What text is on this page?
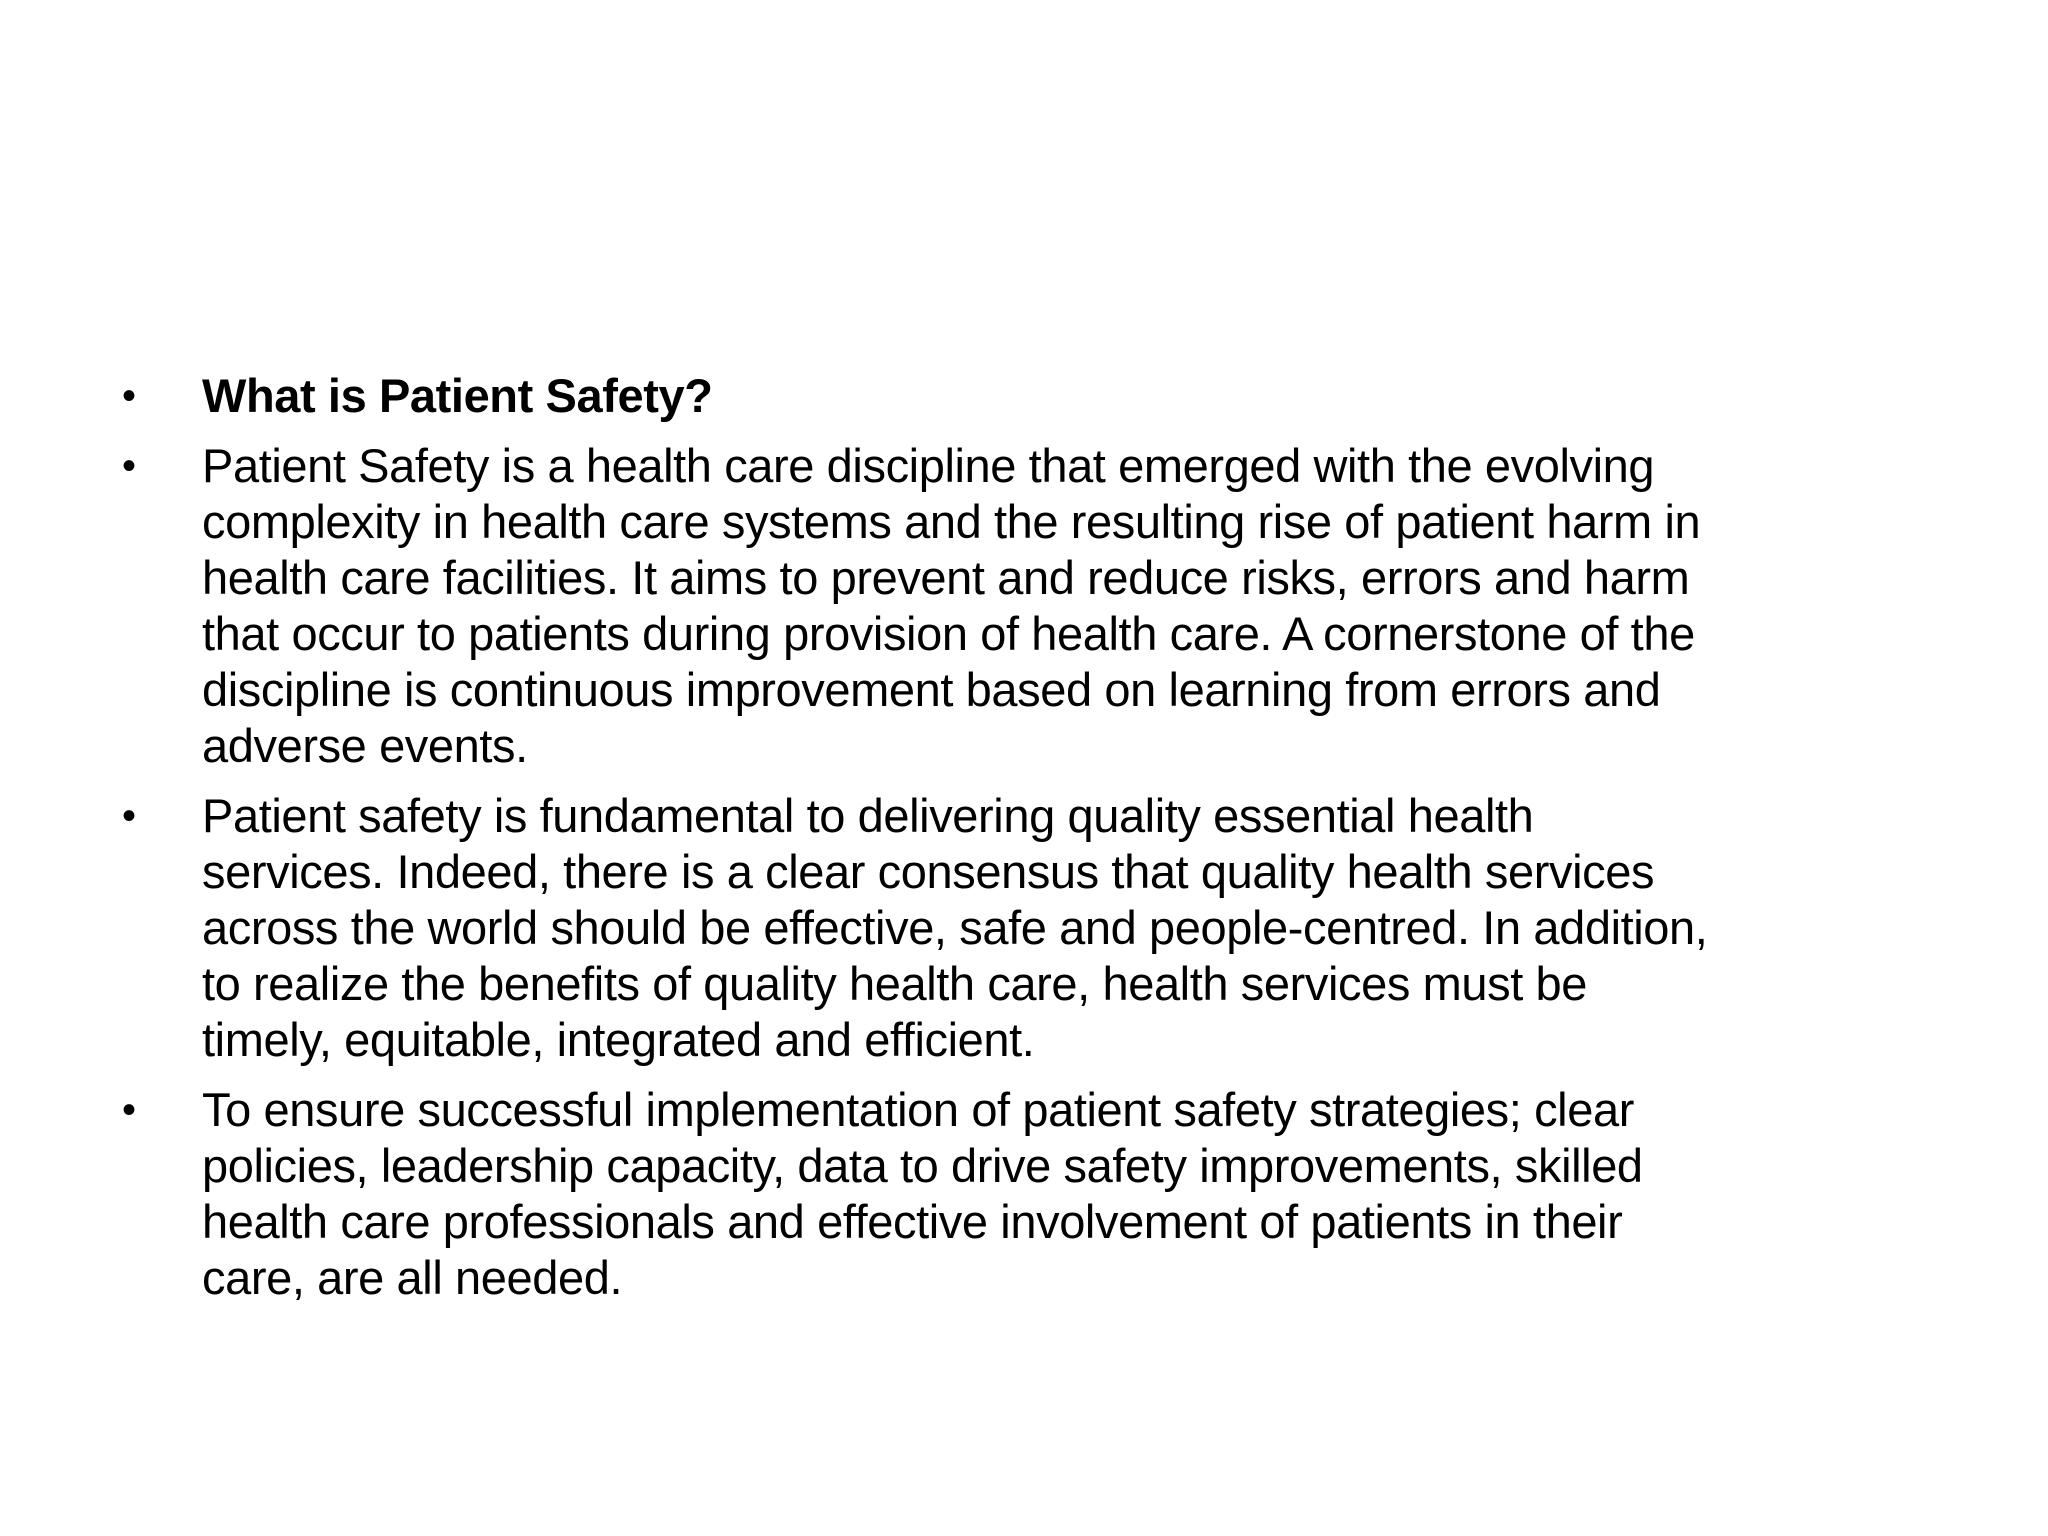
•	What is Patient Safety?
•	Patient Safety is a health care discipline that emerged with the evolving
complexity in health care systems and the resulting rise of patient harm in
health care facilities. It aims to prevent and reduce risks, errors and harm
that occur to patients during provision of health care. A cornerstone of the
discipline is continuous improvement based on learning from errors and
adverse events.
•	Patient safety is fundamental to delivering quality essential health
services. Indeed, there is a clear consensus that quality health services
across the world should be effective, safe and people-centred. In addition,
to realize the benefits of quality health care, health services must be
timely, equitable, integrated and efficient.
•	To ensure successful implementation of patient safety strategies; clear
policies, leadership capacity, data to drive safety improvements, skilled
health care professionals and effective involvement of patients in their
care, are all needed.
